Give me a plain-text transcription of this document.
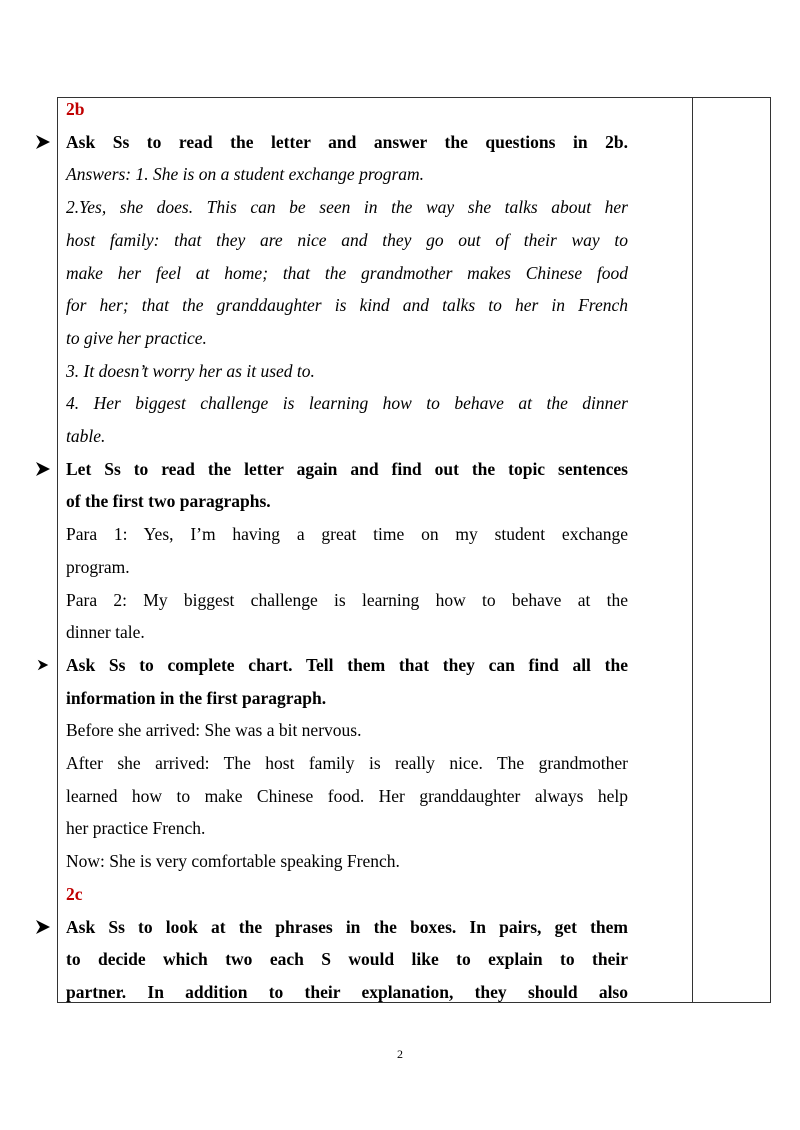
2b
Ask Ss to read the letter and answer the questions in 2b.
Answers: 1. She is on a student exchange program.
2.Yes, she does. This can be seen in the way she talks about her
host family: that they are nice and they go out of their way to
make her feel at home; that the grandmother makes Chinese food
for her; that the granddaughter is kind and talks to her in French
to give her practice.
3. It doesn’t worry her as it used to.
4. Her biggest challenge is learning how to behave at the dinner
table.
Let Ss to read the letter again and find out the topic sentences
of the first two paragraphs.
Para 1: Yes, I’m having a great time on my student exchange
program.
Para 2: My biggest challenge is learning how to behave at the
dinner tale.
Ask Ss to complete chart. Tell them that they can find all the
information in the first paragraph.
Before she arrived: She was a bit nervous.
After she arrived: The host family is really nice. The grandmother
learned how to make Chinese food. Her granddaughter always help
her practice French.
Now: She is very comfortable speaking French.
2c
Ask Ss to look at the phrases in the boxes. In pairs, get them
to decide which two each S would like to explain to their
partner. In addition to their explanation, they should also
2
